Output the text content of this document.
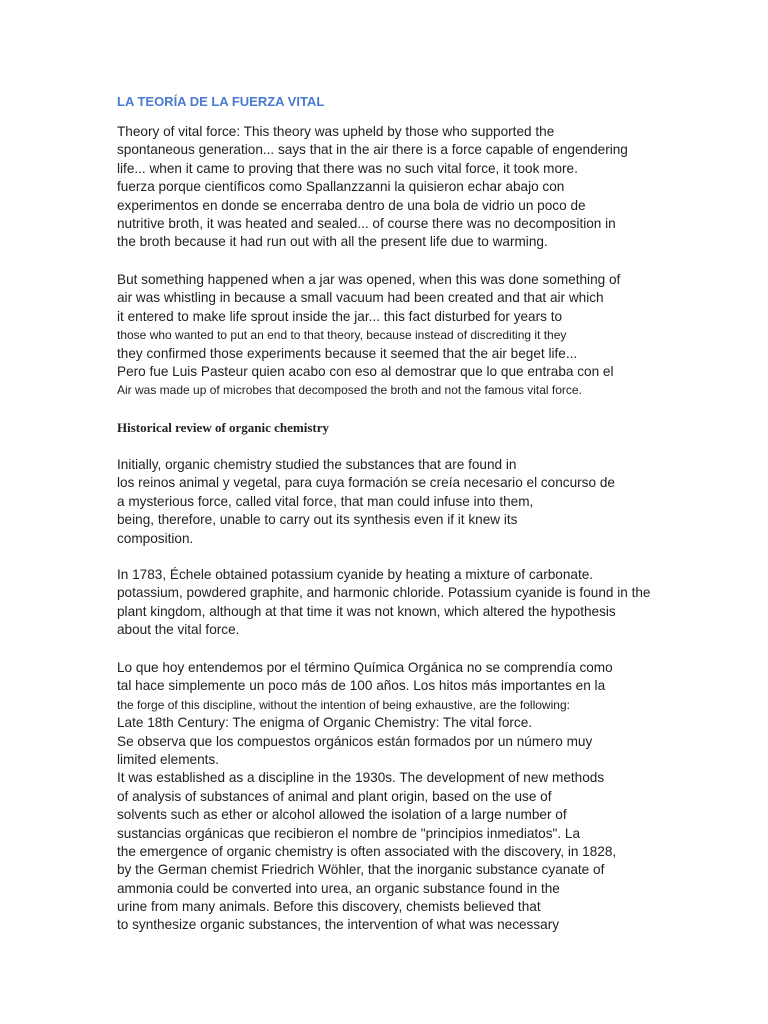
LA TEORÍA DE LA FUERZA VITAL
Theory of vital force: This theory was upheld by those who supported the
spontaneous generation... says that in the air there is a force capable of engendering
life... when it came to proving that there was no such vital force, it took more.
fuerza porque científicos como Spallanzzanni la quisieron echar abajo con
experimentos en donde se encerraba dentro de una bola de vidrio un poco de
nutritive broth, it was heated and sealed... of course there was no decomposition in
the broth because it had run out with all the present life due to warming.
But something happened when a jar was opened, when this was done something of
air was whistling in because a small vacuum had been created and that air which
it entered to make life sprout inside the jar... this fact disturbed for years to
those who wanted to put an end to that theory, because instead of discrediting it they
they confirmed those experiments because it seemed that the air beget life...
Pero fue Luis Pasteur quien acabo con eso al demostrar que lo que entraba con el
Air was made up of microbes that decomposed the broth and not the famous vital force.
Historical review of organic chemistry
Initially, organic chemistry studied the substances that are found in
los reinos animal y vegetal, para cuya formación se creía necesario el concurso de
a mysterious force, called vital force, that man could infuse into them,
being, therefore, unable to carry out its synthesis even if it knew its
composition.
In 1783, Échele obtained potassium cyanide by heating a mixture of carbonate.
potassium, powdered graphite, and harmonic chloride. Potassium cyanide is found in the
plant kingdom, although at that time it was not known, which altered the hypothesis
about the vital force.
Lo que hoy entendemos por el término Química Orgánica no se comprendía como
tal hace simplemente un poco más de 100 años. Los hitos más importantes en la
the forge of this discipline, without the intention of being exhaustive, are the following:
Late 18th Century: The enigma of Organic Chemistry: The vital force.
Se observa que los compuestos orgánicos están formados por un número muy
limited elements.
It was established as a discipline in the 1930s. The development of new methods
of analysis of substances of animal and plant origin, based on the use of
solvents such as ether or alcohol allowed the isolation of a large number of
sustancias orgánicas que recibieron el nombre de "principios inmediatos". La
the emergence of organic chemistry is often associated with the discovery, in 1828,
by the German chemist Friedrich Wöhler, that the inorganic substance cyanate of
ammonia could be converted into urea, an organic substance found in the
urine from many animals. Before this discovery, chemists believed that
to synthesize organic substances, the intervention of what was necessary
